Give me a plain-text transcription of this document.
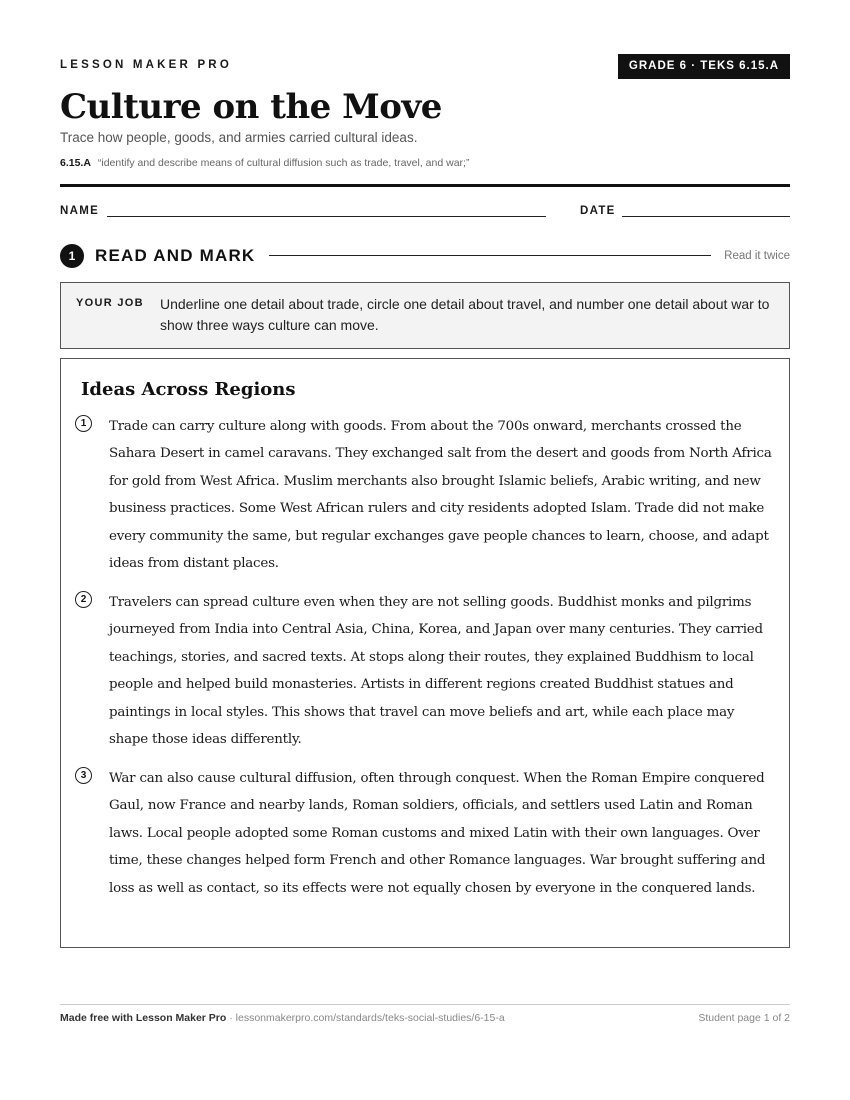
LESSON MAKER PRO	GRADE 6 · TEKS 6.15.A
Culture on the Move
Trace how people, goods, and armies carried cultural ideas.
6.15.A “identify and describe means of cultural diffusion such as trade, travel, and war;”
NAME	DATE
1	READ AND MARK	Read it twice
YOUR JOB Underline one detail about trade, circle one detail about travel, and number one detail about war to show three ways culture can move.
Ideas Across Regions
1	Trade can carry culture along with goods. From about the 700s onward, merchants crossed the Sahara Desert in camel caravans. They exchanged salt from the desert and goods from North Africa for gold from West Africa. Muslim merchants also brought Islamic beliefs, Arabic writing, and new business practices. Some West African rulers and city residents adopted Islam. Trade did not make every community the same, but regular exchanges gave people chances to learn, choose, and adapt ideas from distant places.
2	Travelers can spread culture even when they are not selling goods. Buddhist monks and pilgrims journeyed from India into Central Asia, China, Korea, and Japan over many centuries. They carried teachings, stories, and sacred texts. At stops along their routes, they explained Buddhism to local people and helped build monasteries. Artists in different regions created Buddhist statues and paintings in local styles. This shows that travel can move beliefs and art, while each place may shape those ideas differently.
3	War can also cause cultural diffusion, often through conquest. When the Roman Empire conquered Gaul, now France and nearby lands, Roman soldiers, officials, and settlers used Latin and Roman laws. Local people adopted some Roman customs and mixed Latin with their own languages. Over time, these changes helped form French and other Romance languages. War brought suffering and loss as well as contact, so its effects were not equally chosen by everyone in the conquered lands.
Made free with Lesson Maker Pro · lessonmakerpro.com/standards/teks-social-studies/6-15-a	Student page 1 of 2
